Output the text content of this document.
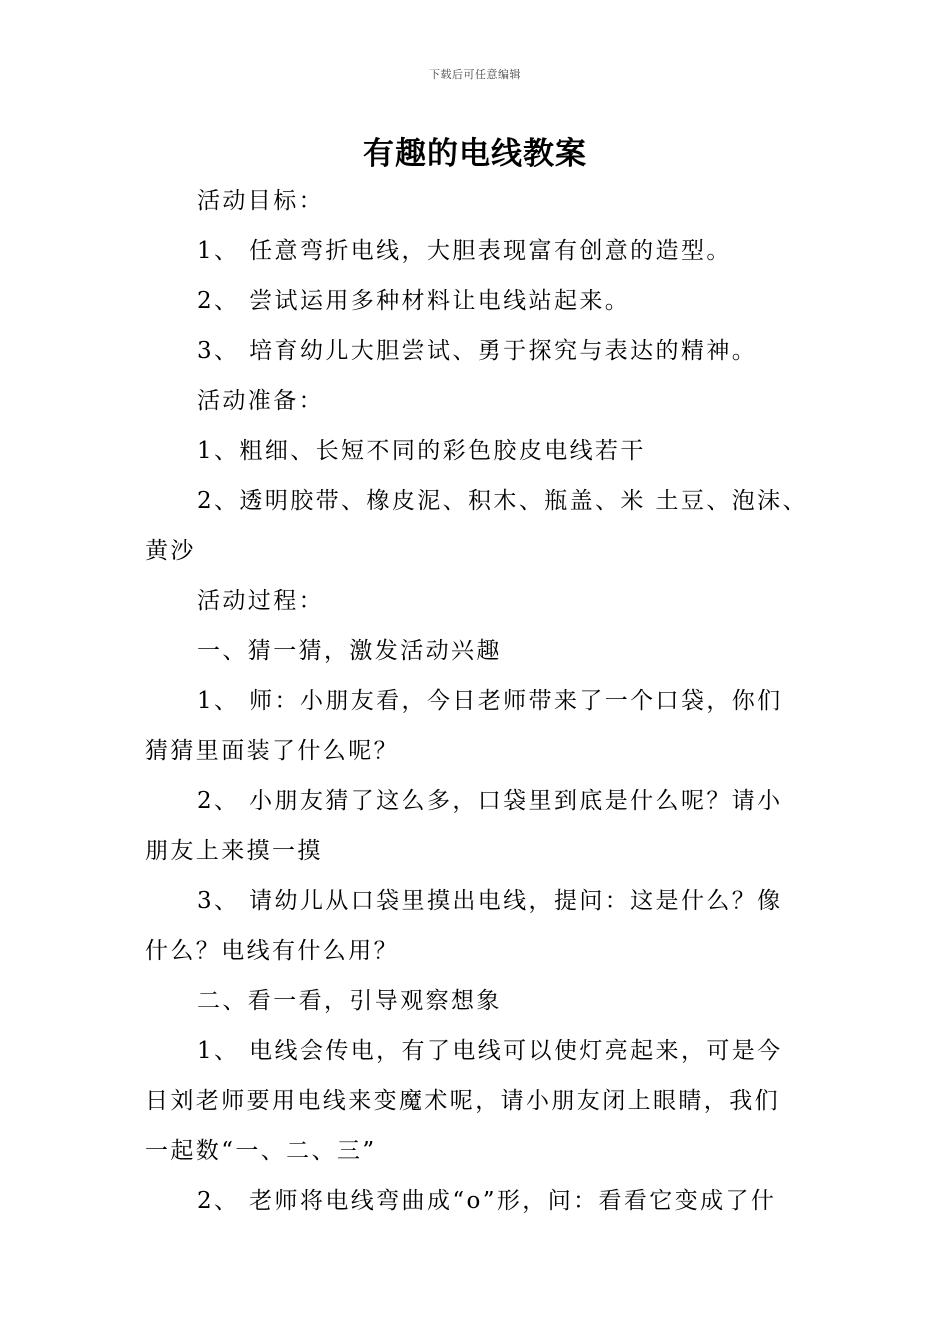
下载后可任意编辑
有趣的电线教案
活动目标：
1、 任意弯折电线，大胆表现富有创意的造型。
2、 尝试运用多种材料让电线站起来。
3、 培育幼儿大胆尝试、勇于探究与表达的精神。
活动准备：
1、粗细、长短不同的彩色胶皮电线若干
2、透明胶带、橡皮泥、积木、瓶盖、米 土豆、泡沫、
黄沙
活动过程：
一、猜一猜，激发活动兴趣
1、 师：小朋友看，今日老师带来了一个口袋，你们
猜猜里面装了什么呢？
2、 小朋友猜了这么多，口袋里到底是什么呢？请小
朋友上来摸一摸
3、 请幼儿从口袋里摸出电线，提问：这是什么？像
什么？电线有什么用？
二、看一看，引导观察想象
1、 电线会传电，有了电线可以使灯亮起来，可是今
日刘老师要用电线来变魔术呢，请小朋友闭上眼睛，我们
一起数“一、二、三”
2、 老师将电线弯曲成“o”形，问：看看它变成了什
